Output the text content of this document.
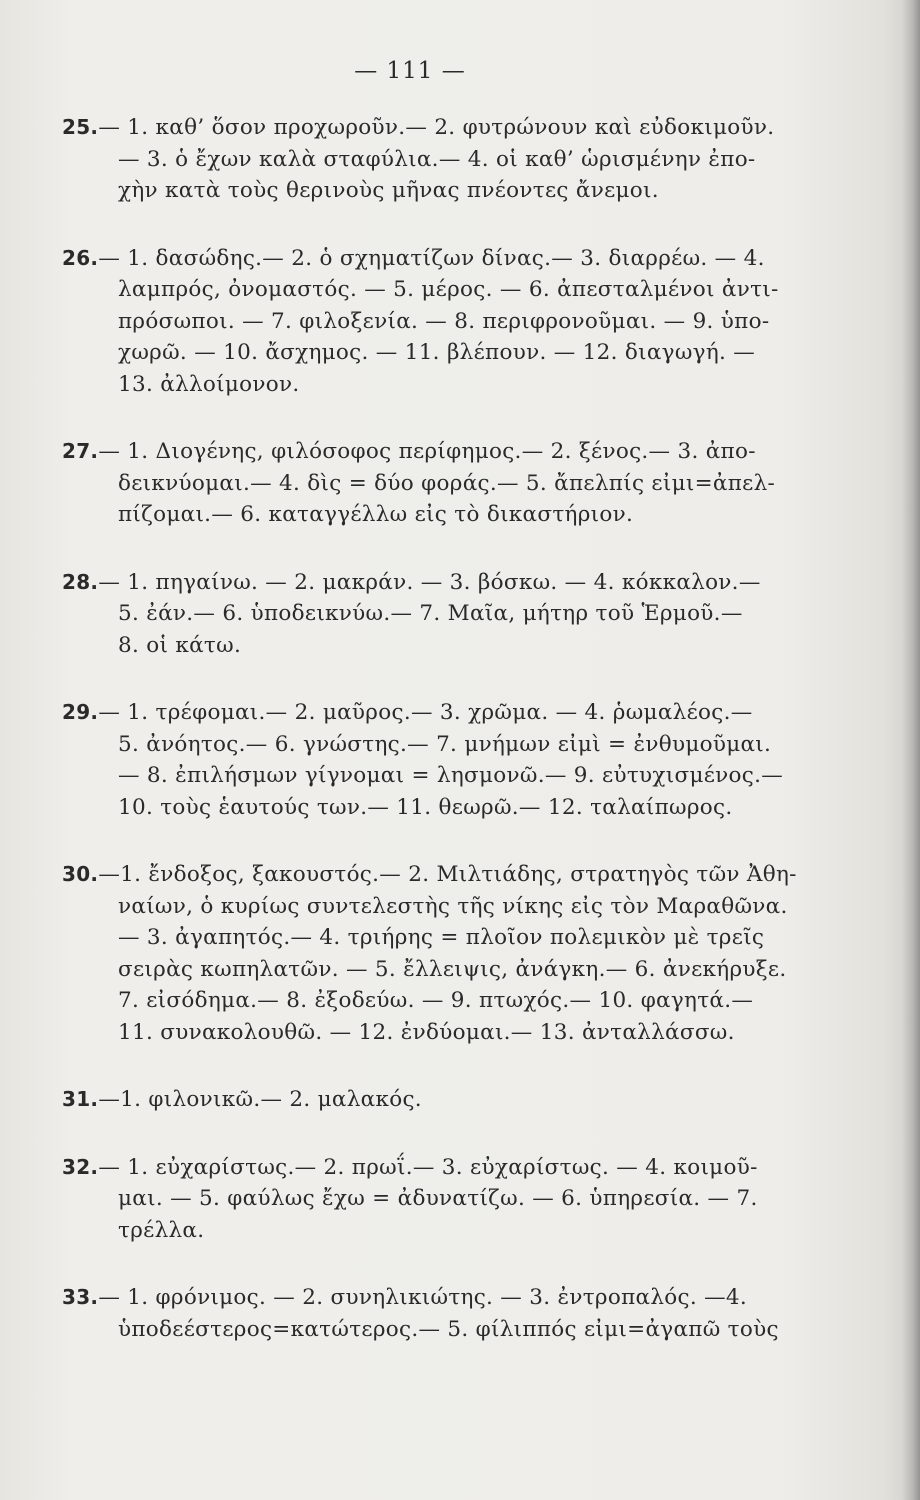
— 111 —
25.— 1. καθ’ ὅσον προχωροῦν.— 2. φυτρώνουν καὶ εὐδοκιμοῦν.
— 3. ὁ ἔχων καλὰ σταφύλια.— 4. οἱ καθ’ ὡρισμένην ἐπο-
χὴν κατὰ τοὺς θερινοὺς μῆνας πνέοντες ἄνεμοι.
26.— 1. δασώδης.— 2. ὁ σχηματίζων δίνας.— 3. διαρρέω. — 4.
λαμπρός, ὀνομαστός. — 5. μέρος. — 6. ἀπεσταλμένοι ἀντι-
πρόσωποι. — 7. φιλοξενία. — 8. περιφρονοῦμαι. — 9. ὑπο-
χωρῶ. — 10. ἄσχημος. — 11. βλέπουν. — 12. διαγωγή. —
13. ἀλλοίμονον.
27.— 1. Διογένης, φιλόσοφος περίφημος.— 2. ξένος.— 3. ἀπο-
δεικνύομαι.— 4. δὶς = δύο φοράς.— 5. ἄπελπίς εἰμι=ἀπελ-
πίζομαι.— 6. καταγγέλλω εἰς τὸ δικαστήριον.
28.— 1. πηγαίνω. — 2. μακράν. — 3. βόσκω. — 4. κόκκαλον.—
5. ἐάν.— 6. ὑποδεικνύω.— 7. Μαῖα, μήτηρ τοῦ Ἑρμοῦ.—
8. οἱ κάτω.
29.— 1. τρέφομαι.— 2. μαῦρος.— 3. χρῶμα. — 4. ῥωμαλέος.—
5. ἀνόητος.— 6. γνώστης.— 7. μνήμων εἰμὶ = ἐνθυμοῦμαι.
— 8. ἐπιλήσμων γίγνομαι = λησμονῶ.— 9. εὐτυχισμένος.—
10. τοὺς ἑαυτούς των.— 11. θεωρῶ.— 12. ταλαίπωρος.
30.—1. ἔνδοξος, ξακουστός.— 2. Μιλτιάδης, στρατηγὸς τῶν Ἀθη-
ναίων, ὁ κυρίως συντελεστὴς τῆς νίκης εἰς τὸν Μαραθῶνα.
— 3. ἀγαπητός.— 4. τριήρης = πλοῖον πολεμικὸν μὲ τρεῖς
σειρὰς κωπηλατῶν. — 5. ἔλλειψις, ἀνάγκη.— 6. ἀνεκήρυξε.
7. εἰσόδημα.— 8. ἐξοδεύω. — 9. πτωχός.— 10. φαγητά.—
11. συνακολουθῶ. — 12. ἐνδύομαι.— 13. ἀνταλλάσσω.
31.—1. φιλονικῶ.— 2. μαλακός.
32.— 1. εὐχαρίστως.— 2. πρωΐ.— 3. εὐχαρίστως. — 4. κοιμοῦ-
μαι. — 5. φαύλως ἔχω = ἀδυνατίζω. — 6. ὑπηρεσία. — 7.
τρέλλα.
33.— 1. φρόνιμος. — 2. συνηλικιώτης. — 3. ἐντροπαλός. —4.
ὑποδεέστερος=κατώτερος.— 5. φίλιππός εἰμι=ἀγαπῶ τοὺς
